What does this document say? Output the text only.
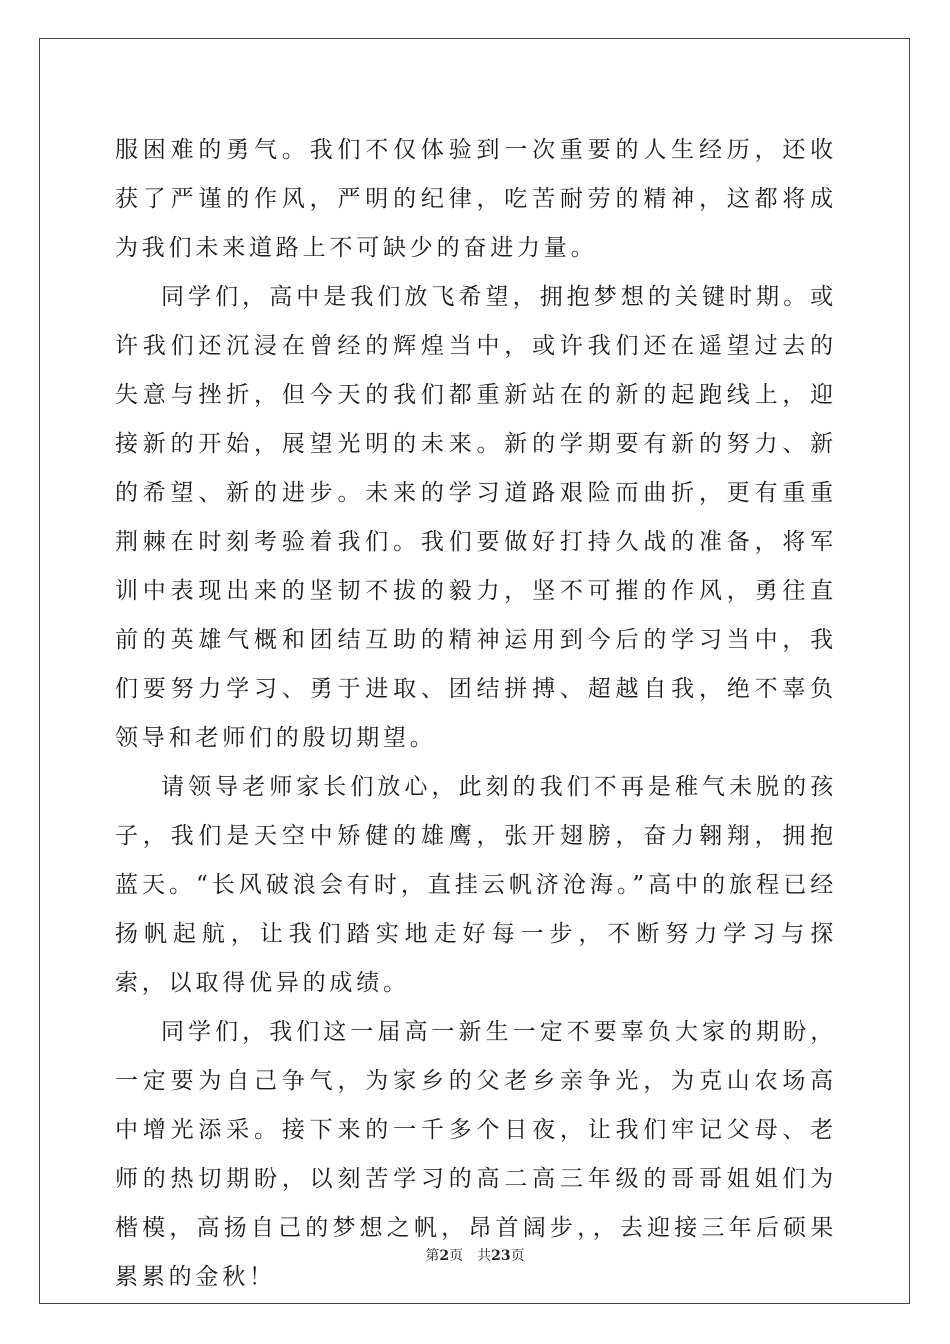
服困难的勇气。我们不仅体验到一次重要的人生经历，还收获了严谨的作风，严明的纪律，吃苦耐劳的精神，这都将成为我们未来道路上不可缺少的奋进力量。

同学们，高中是我们放飞希望，拥抱梦想的关键时期。或许我们还沉浸在曾经的辉煌当中，或许我们还在遥望过去的失意与挫折，但今天的我们都重新站在的新的起跑线上，迎接新的开始，展望光明的未来。新的学期要有新的努力、新的希望、新的进步。未来的学习道路艰险而曲折，更有重重荆棘在时刻考验着我们。我们要做好打持久战的准备，将军训中表现出来的坚韧不拔的毅力，坚不可摧的作风，勇往直前的英雄气概和团结互助的精神运用到今后的学习当中，我们要努力学习、勇于进取、团结拼搏、超越自我，绝不辜负领导和老师们的殷切期望。

请领导老师家长们放心，此刻的我们不再是稚气未脱的孩子，我们是天空中矫健的雄鹰，张开翅膀，奋力翱翔，拥抱蓝天。“长风破浪会有时，直挂云帆济沧海。”高中的旅程已经扬帆起航，让我们踏实地走好每一步，不断努力学习与探索，以取得优异的成绩。

同学们，我们这一届高一新生一定不要辜负大家的期盼，一定要为自己争气，为家乡的父老乡亲争光，为克山农场高中增光添采。接下来的一千多个日夜，让我们牢记父母、老师的热切期盼，以刻苦学习的高二高三年级的哥哥姐姐们为楷模，高扬自己的梦想之帆，昂首阔步，，去迎接三年后硕果累累的金秋！

第2页 共23页
